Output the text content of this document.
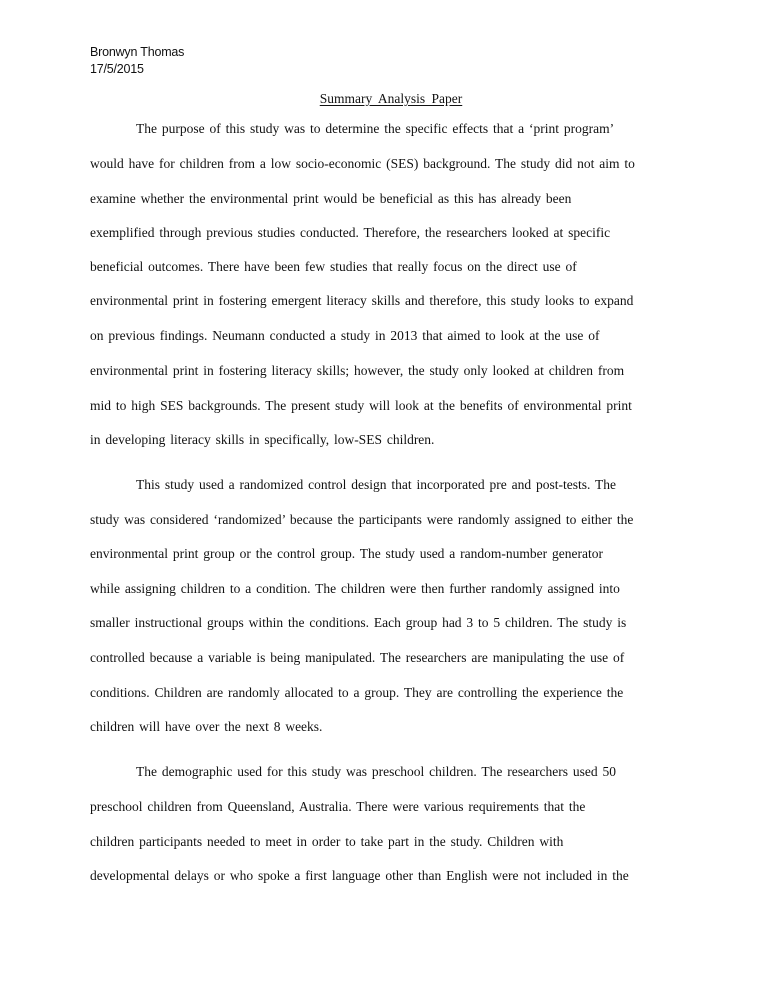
Bronwyn Thomas
17/5/2015
Summary Analysis Paper
The purpose of this study was to determine the specific effects that a ‘print program’
would have for children from a low socio-economic (SES) background. The study did not aim to
examine whether the environmental print would be beneficial as this has already been
exemplified through previous studies conducted. Therefore, the researchers looked at specific
beneficial outcomes. There have been few studies that really focus on the direct use of
environmental print in fostering emergent literacy skills and therefore, this study looks to expand
on previous findings. Neumann conducted a study in 2013 that aimed to look at the use of
environmental print in fostering literacy skills; however, the study only looked at children from
mid to high SES backgrounds. The present study will look at the benefits of environmental print
in developing literacy skills in specifically, low-SES children.
This study used a randomized control design that incorporated pre and post-tests. The
study was considered ‘randomized’ because the participants were randomly assigned to either the
environmental print group or the control group. The study used a random-number generator
while assigning children to a condition. The children were then further randomly assigned into
smaller instructional groups within the conditions. Each group had 3 to 5 children. The study is
controlled because a variable is being manipulated. The researchers are manipulating the use of
conditions. Children are randomly allocated to a group. They are controlling the experience the
children will have over the next 8 weeks.
The demographic used for this study was preschool children. The researchers used 50
preschool children from Queensland, Australia. There were various requirements that the
children participants needed to meet in order to take part in the study. Children with
developmental delays or who spoke a first language other than English were not included in the
